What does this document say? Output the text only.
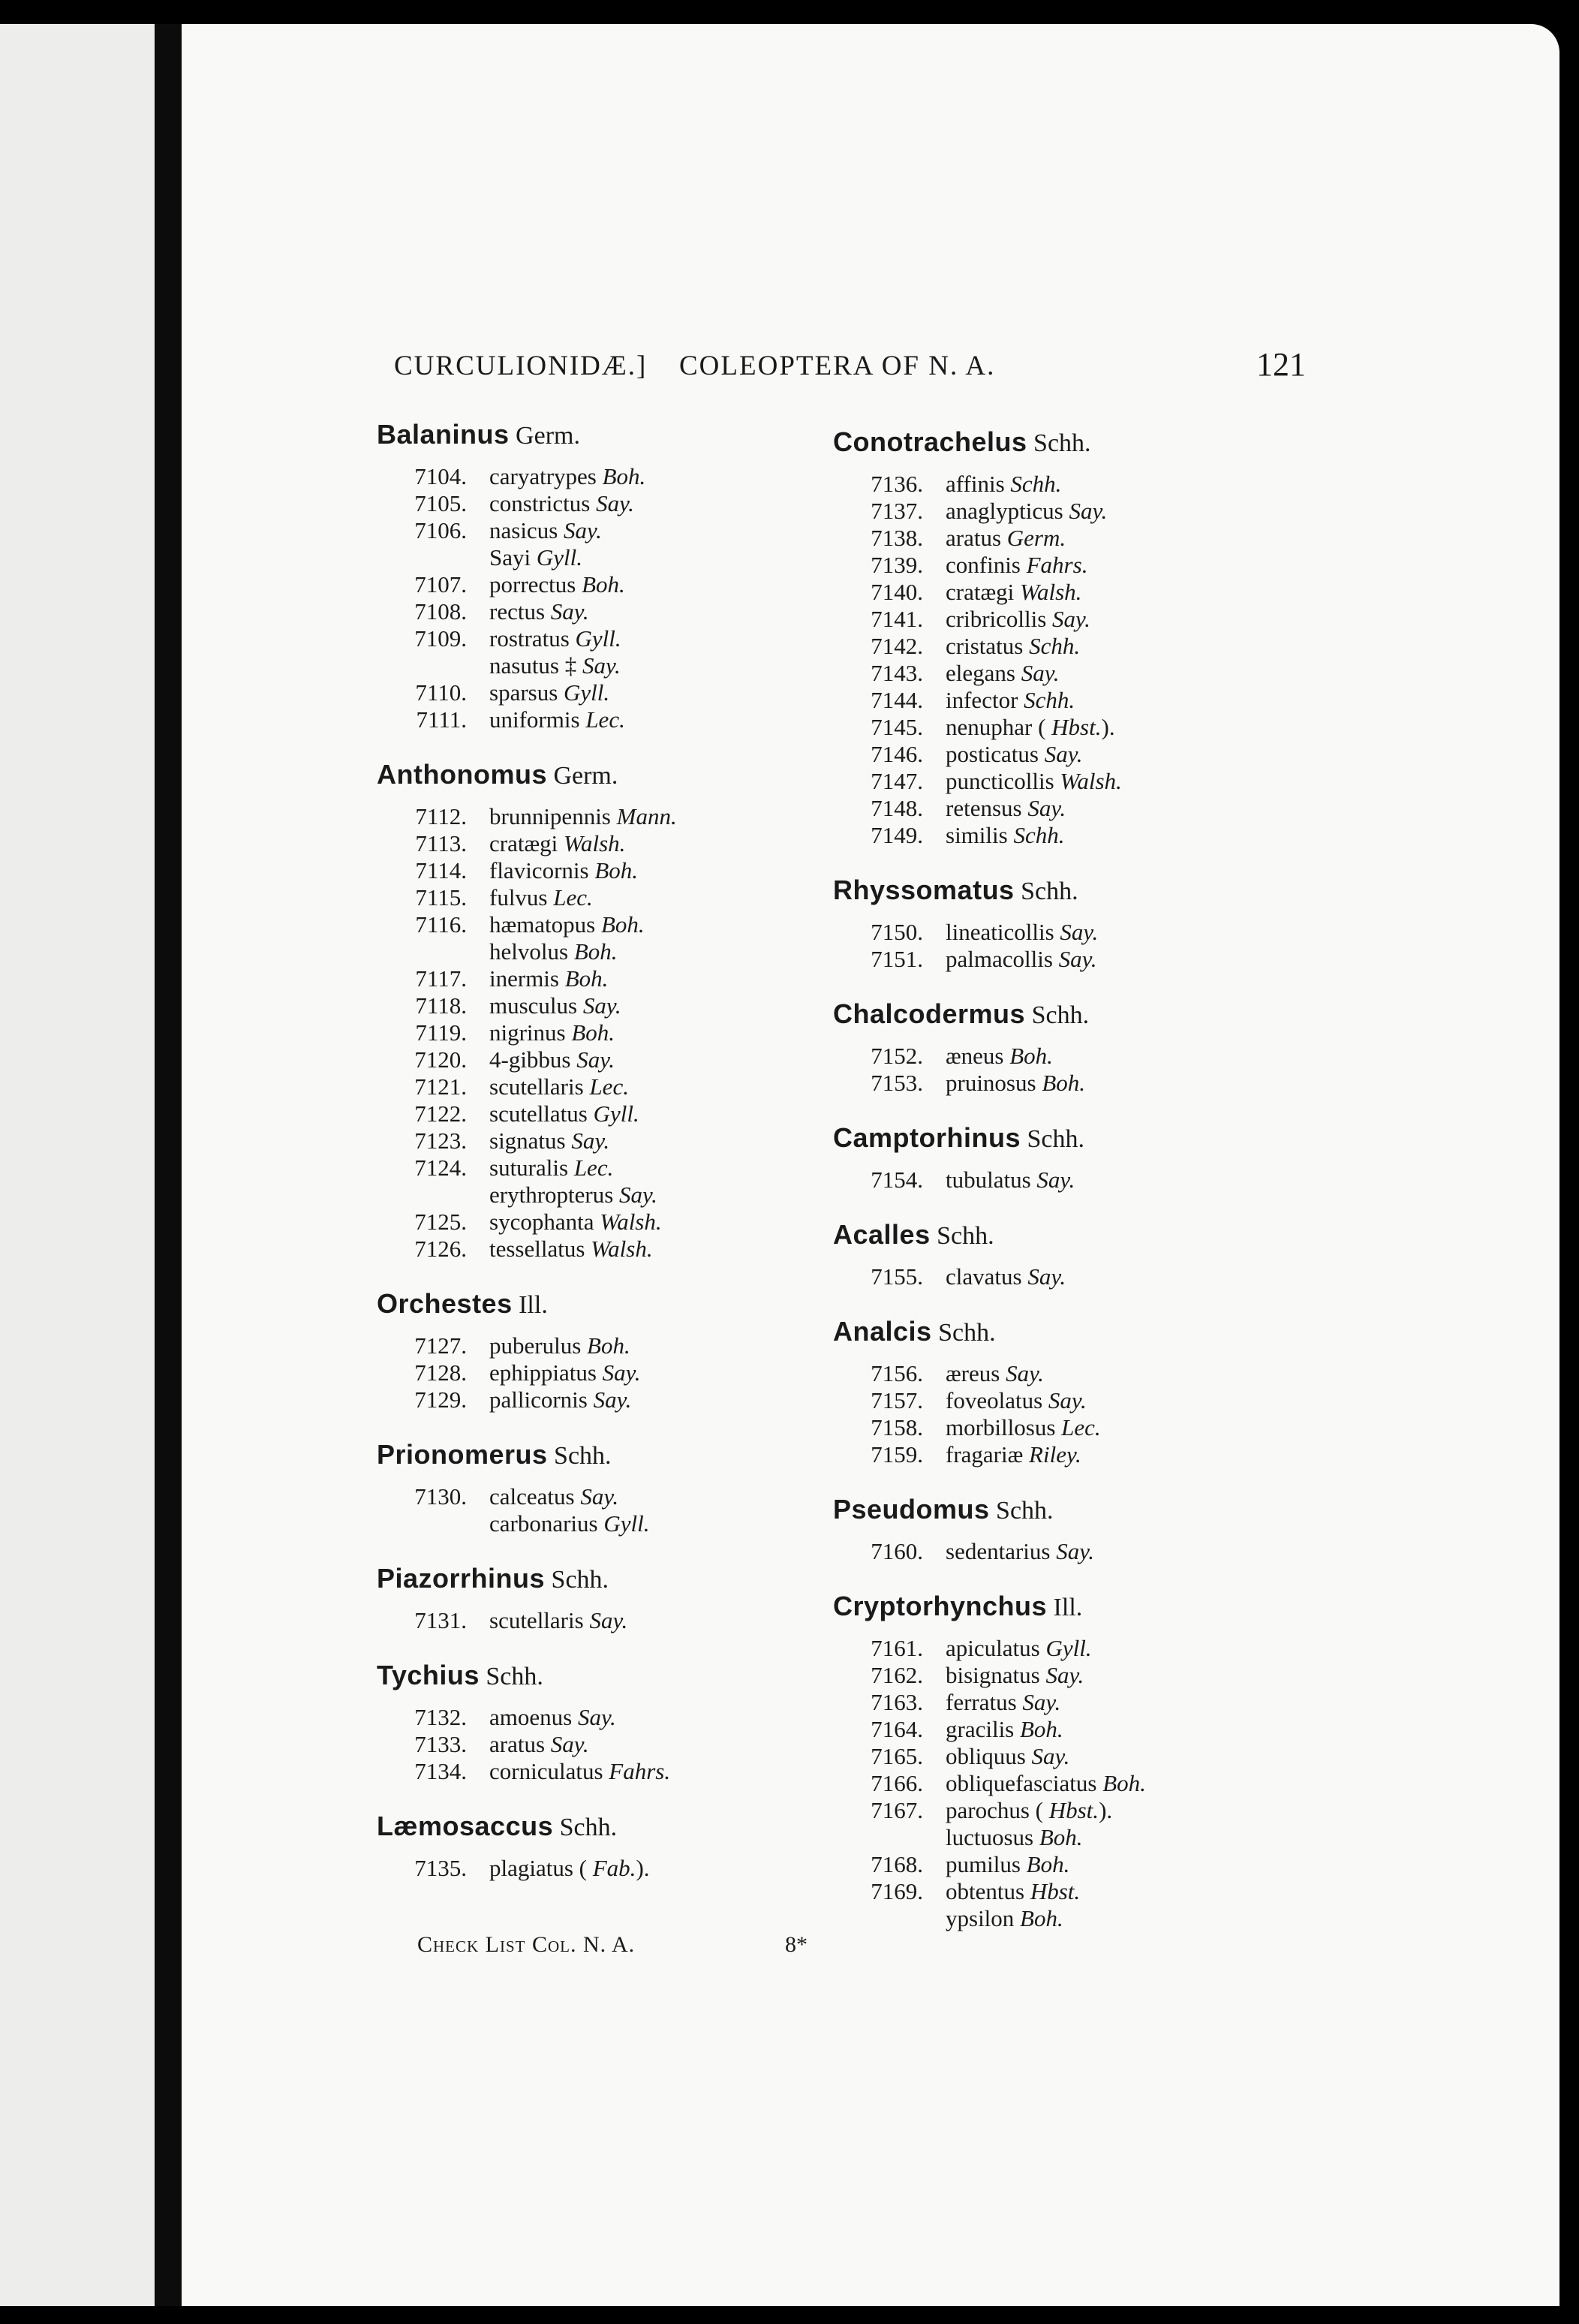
CURCULIONIDÆ.] COLEOPTERA OF N. A.	121
Balaninus Germ.
7104. caryatrypes Boh.
7105. constrictus Say.
7106. nasicus Say.
Sayi Gyll.
7107. porrectus Boh.
7108. rectus Say.
7109. rostratus Gyll.
nasutus ‡ Say.
7110. sparsus Gyll.
7111. uniformis Lec.
Anthonomus Germ.
7112. brunnipennis Mann.
7113. cratægi Walsh.
7114. flavicornis Boh.
7115. fulvus Lec.
7116. hæmatopus Boh.
helvolus Boh.
7117. inermis Boh.
7118. musculus Say.
7119. nigrinus Boh.
7120. 4-gibbus Say.
7121. scutellaris Lec.
7122. scutellatus Gyll.
7123. signatus Say.
7124. suturalis Lec.
erythropterus Say.
7125. sycophanta Walsh.
7126. tessellatus Walsh.
Orchestes Ill.
7127. puberulus Boh.
7128. ephippiatus Say.
7129. pallicornis Say.
Prionomerus Schh.
7130. calceatus Say.
carbonarius Gyll.
Piazorrhinus Schh.
7131. scutellaris Say.
Tychius Schh.
7132. amoenus Say.
7133. aratus Say.
7134. corniculatus Fahrs.
Læmosaccus Schh.
7135. plagiatus ( Fab.).
Conotrachelus Schh.
7136. affinis Schh.
7137. anaglypticus Say.
7138. aratus Germ.
7139. confinis Fahrs.
7140. cratægi Walsh.
7141. cribricollis Say.
7142. cristatus Schh.
7143. elegans Say.
7144. infector Schh.
7145. nenuphar ( Hbst.).
7146. posticatus Say.
7147. puncticollis Walsh.
7148. retensus Say.
7149. similis Schh.
Rhyssomatus Schh.
7150. lineaticollis Say.
7151. palmacollis Say.
Chalcodermus Schh.
7152. æneus Boh.
7153. pruinosus Boh.
Camptorhinus Schh.
7154. tubulatus Say.
Acalles Schh.
7155. clavatus Say.
Analcis Schh.
7156. æreus Say.
7157. foveolatus Say.
7158. morbillosus Lec.
7159. fragariæ Riley.
Pseudomus Schh.
7160. sedentarius Say.
Cryptorhynchus Ill.
7161. apiculatus Gyll.
7162. bisignatus Say.
7163. ferratus Say.
7164. gracilis Boh.
7165. obliquus Say.
7166. obliquefasciatus Boh.
7167. parochus ( Hbst.).
luctuosus Boh.
7168. pumilus Boh.
7169. obtentus Hbst.
ypsilon Boh.
Check List Col. N. A.	8*
